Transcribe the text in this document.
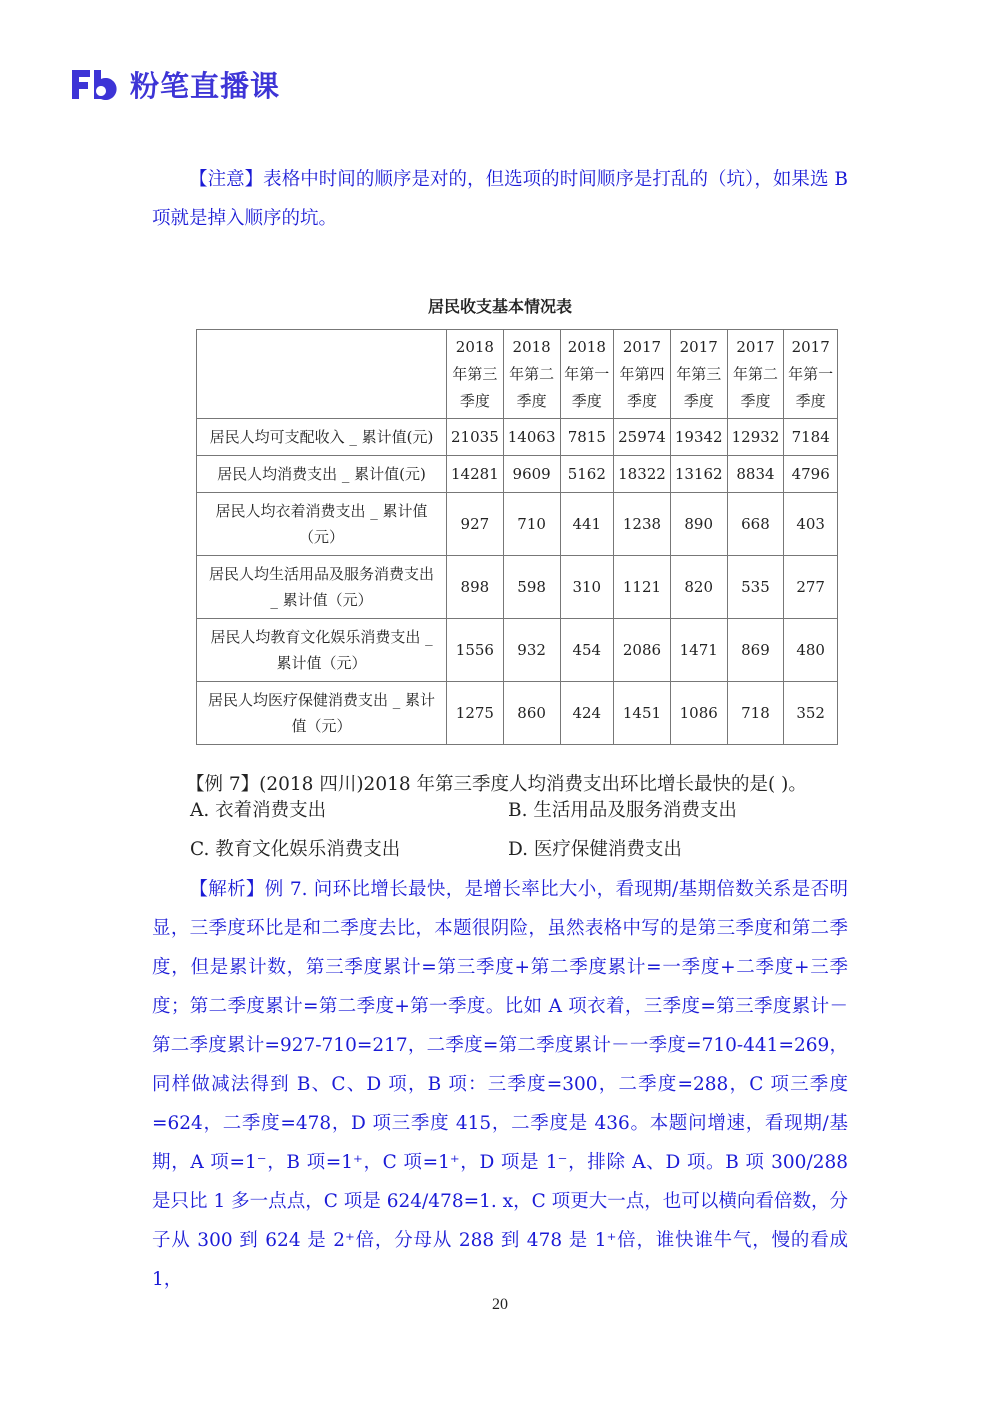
粉笔直播课
【注意】表格中时间的顺序是对的，但选项的时间顺序是打乱的（坑），如果选 B 项就是掉入顺序的坑。
居民收支基本情况表
	2018
年第三
季度	2018
年第二
季度	2018
年第一
季度	2017
年第四
季度	2017
年第三
季度	2017
年第二
季度	2017
年第一
季度
居民人均可支配收入 _ 累计值(元)	21035	14063	7815	25974	19342	12932	7184
居民人均消费支出 _ 累计值(元)	14281	9609	5162	18322	13162	8834	4796
居民人均衣着消费支出 _ 累计值（元）	927	710	441	1238	890	668	403
居民人均生活用品及服务消费支出 _ 累计值（元）	898	598	310	1121	820	535	277
居民人均教育文化娱乐消费支出 _ 累计值（元）	1556	932	454	2086	1471	869	480
居民人均医疗保健消费支出 _ 累计值（元）	1275	860	424	1451	1086	718	352
【例 7】(2018 四川)2018 年第三季度人均消费支出环比增长最快的是( )。
A. 衣着消费支出	B. 生活用品及服务消费支出
C. 教育文化娱乐消费支出	D. 医疗保健消费支出
【解析】例 7. 问环比增长最快，是增长率比大小，看现期/基期倍数关系是否明显，三季度环比是和二季度去比，本题很阴险，虽然表格中写的是第三季度和第二季度，但是累计数，第三季度累计=第三季度+第二季度累计=一季度+二季度+三季度；第二季度累计=第二季度+第一季度。比如 A 项衣着，三季度=第三季度累计－第二季度累计=927-710=217，二季度=第二季度累计－一季度=710-441=269，同样做减法得到 B、C、D 项，B 项：三季度=300，二季度=288，C 项三季度=624，二季度=478，D 项三季度 415，二季度是 436。本题问增速，看现期/基期，A 项=1⁻，B 项=1⁺，C 项=1⁺，D 项是 1⁻，排除 A、D 项。B 项 300/288 是只比 1 多一点点，C 项是 624/478=1. x，C 项更大一点，也可以横向看倍数，分子从 300 到 624 是 2⁺倍，分母从 288 到 478 是 1⁺倍，谁快谁牛气，慢的看成 1，
20
